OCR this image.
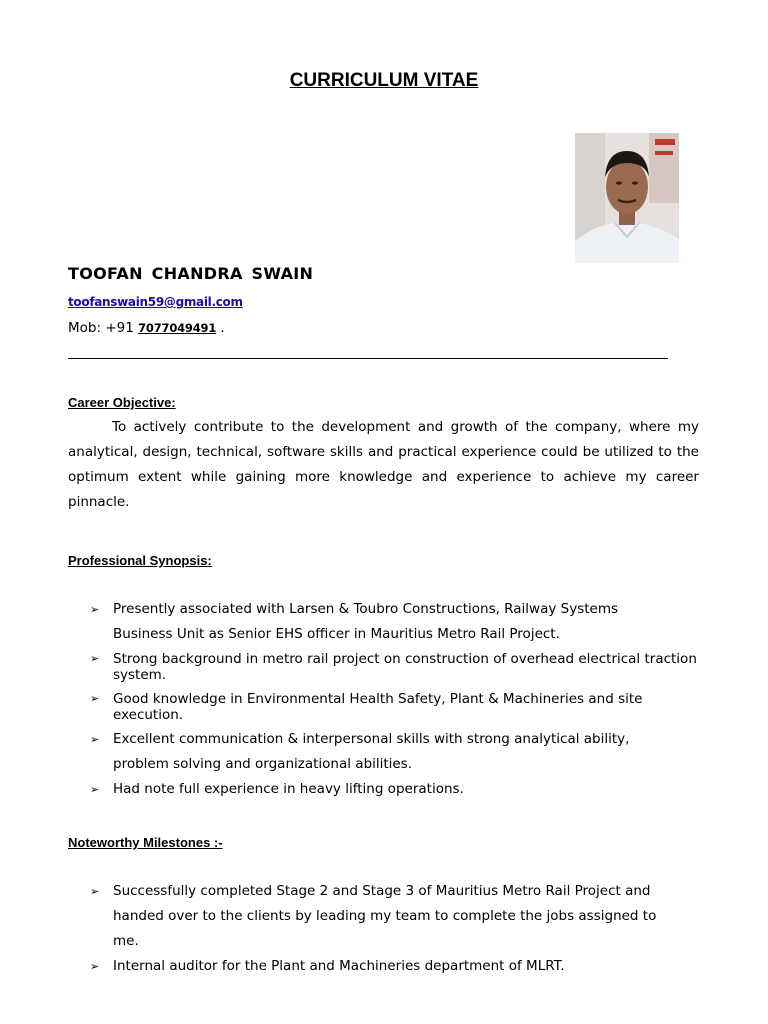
CURRICULUM VITAE
TOOFAN CHANDRA SWAIN
toofanswain59@gmail.com
Mob: +91 7077049491 .
Career Objective:

To actively contribute to the development and growth of the company, where my analytical, design, technical, software skills and practical experience could be utilized to the optimum extent while gaining more knowledge and experience to achieve my career pinnacle.

Professional Synopsis:
➢ Presently associated with Larsen & Toubro Constructions, Railway Systems
Business Unit as Senior EHS officer in Mauritius Metro Rail Project.
➢ Strong background in metro rail project on construction of overhead electrical traction
system.
➢ Good knowledge in Environmental Health Safety, Plant & Machineries and site
execution.
➢ Excellent communication & interpersonal skills with strong analytical ability,
problem solving and organizational abilities.
➢ Had note full experience in heavy lifting operations.
Noteworthy Milestones :-
➢ Successfully completed Stage 2 and Stage 3 of Mauritius Metro Rail Project and
handed over to the clients by leading my team to complete the jobs assigned to
me.
➢ Internal auditor for the Plant and Machineries department of MLRT.
